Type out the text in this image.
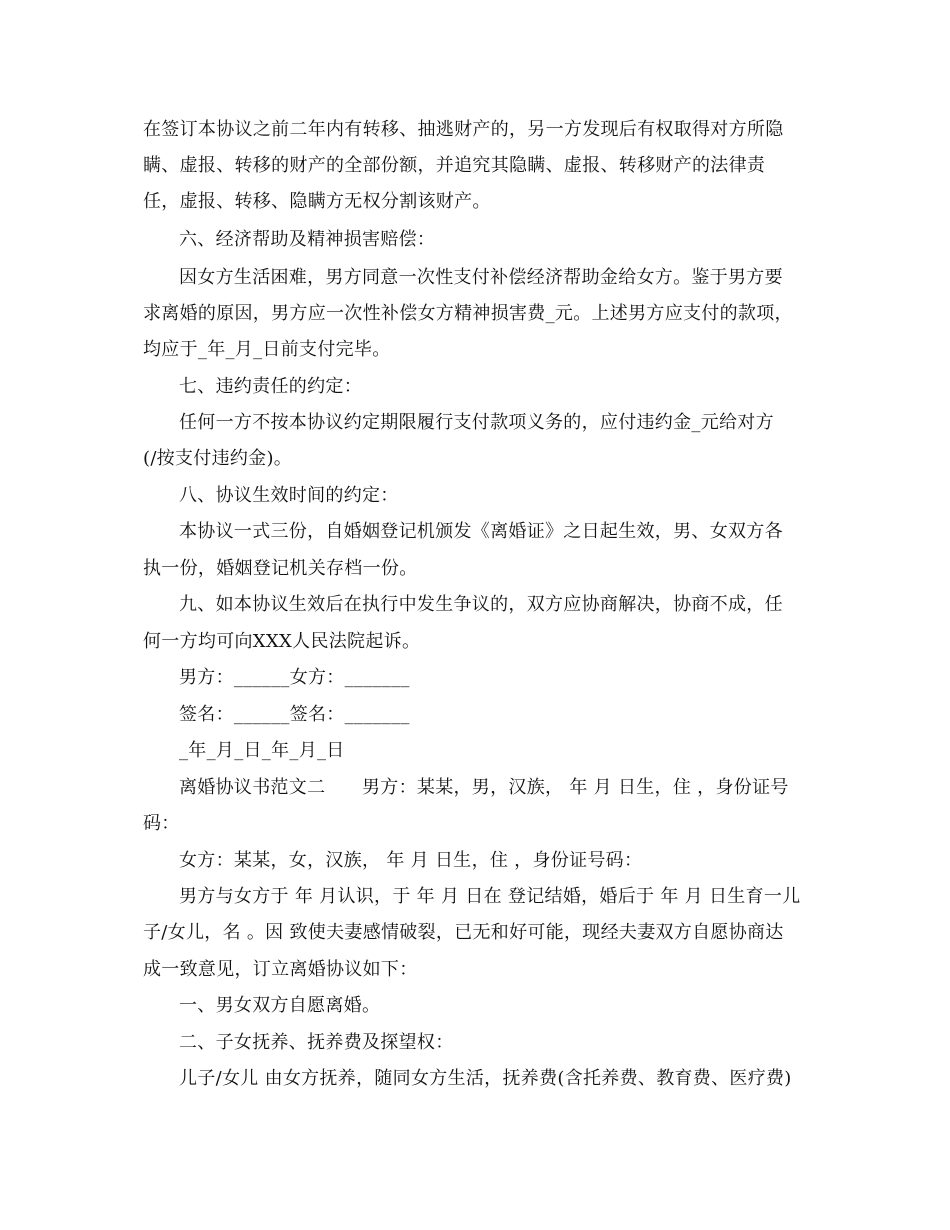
在签订本协议之前二年内有转移、抽逃财产的，另一方发现后有权取得对方所隐
瞒、虚报、转移的财产的全部份额，并追究其隐瞒、虚报、转移财产的法律责
任，虚报、转移、隐瞒方无权分割该财产。
六、经济帮助及精神损害赔偿：
因女方生活困难，男方同意一次性支付补偿经济帮助金给女方。鉴于男方要
求离婚的原因，男方应一次性补偿女方精神损害费_元。上述男方应支付的款项，
均应于_年_月_日前支付完毕。
七、违约责任的约定：
任何一方不按本协议约定期限履行支付款项义务的，应付违约金_元给对方
(/按支付违约金)。
八、协议生效时间的约定：
本协议一式三份，自婚姻登记机颁发《离婚证》之日起生效，男、女双方各
执一份，婚姻登记机关存档一份。
九、如本协议生效后在执行中发生争议的，双方应协商解决，协商不成，任
何一方均可向XXX人民法院起诉。
男方：______女方：_______
签名：______签名：_______
_年_月_日_年_月_日
离婚协议书范文二　　男方：某某，男，汉族， 年 月 日生，住 ，身份证号
码：
女方：某某，女，汉族， 年 月 日生，住 ，身份证号码：
男方与女方于 年 月认识，于 年 月 日在 登记结婚，婚后于 年 月 日生育一儿
子/女儿，名 。因 致使夫妻感情破裂，已无和好可能，现经夫妻双方自愿协商达
成一致意见，订立离婚协议如下：
一、男女双方自愿离婚。
二、子女抚养、抚养费及探望权：
儿子/女儿 由女方抚养，随同女方生活，抚养费(含托养费、教育费、医疗费)
